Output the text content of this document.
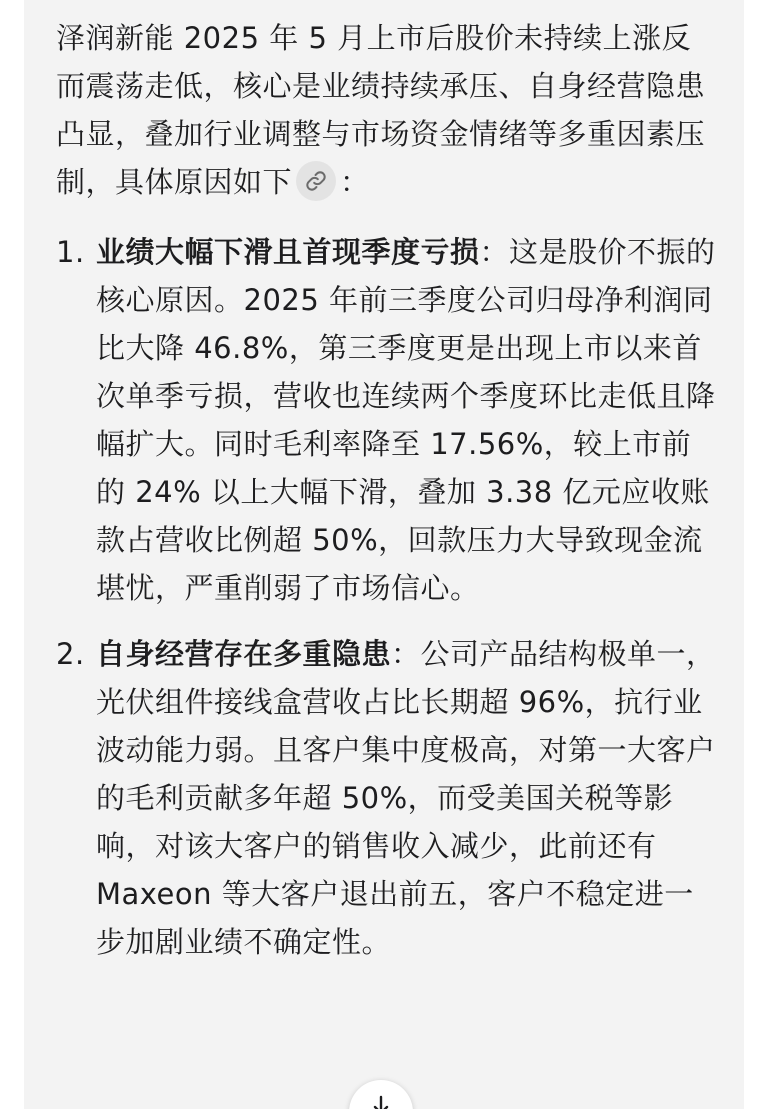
泽润新能 2025 年 5 月上市后股价未持续上涨反而震荡走低，核心是业绩持续承压、自身经营隐患凸显，叠加行业调整与市场资金情绪等多重因素压制，具体原因如下 ：

1. 业绩大幅下滑且首现季度亏损：这是股价不振的核心原因。2025 年前三季度公司归母净利润同比大降 46.8%，第三季度更是出现上市以来首次单季亏损，营收也连续两个季度环比走低且降幅扩大。同时毛利率降至 17.56%，较上市前的 24% 以上大幅下滑，叠加 3.38 亿元应收账款占营收比例超 50%，回款压力大导致现金流堪忧，严重削弱了市场信心。
2. 自身经营存在多重隐患：公司产品结构极单一，光伏组件接线盒营收占比长期超 96%，抗行业波动能力弱。且客户集中度极高，对第一大客户的毛利贡献多年超 50%，而受美国关税等影响，对该大客户的销售收入减少，此前还有 Maxeon 等大客户退出前五，客户不稳定进一步加剧业绩不确定性。
